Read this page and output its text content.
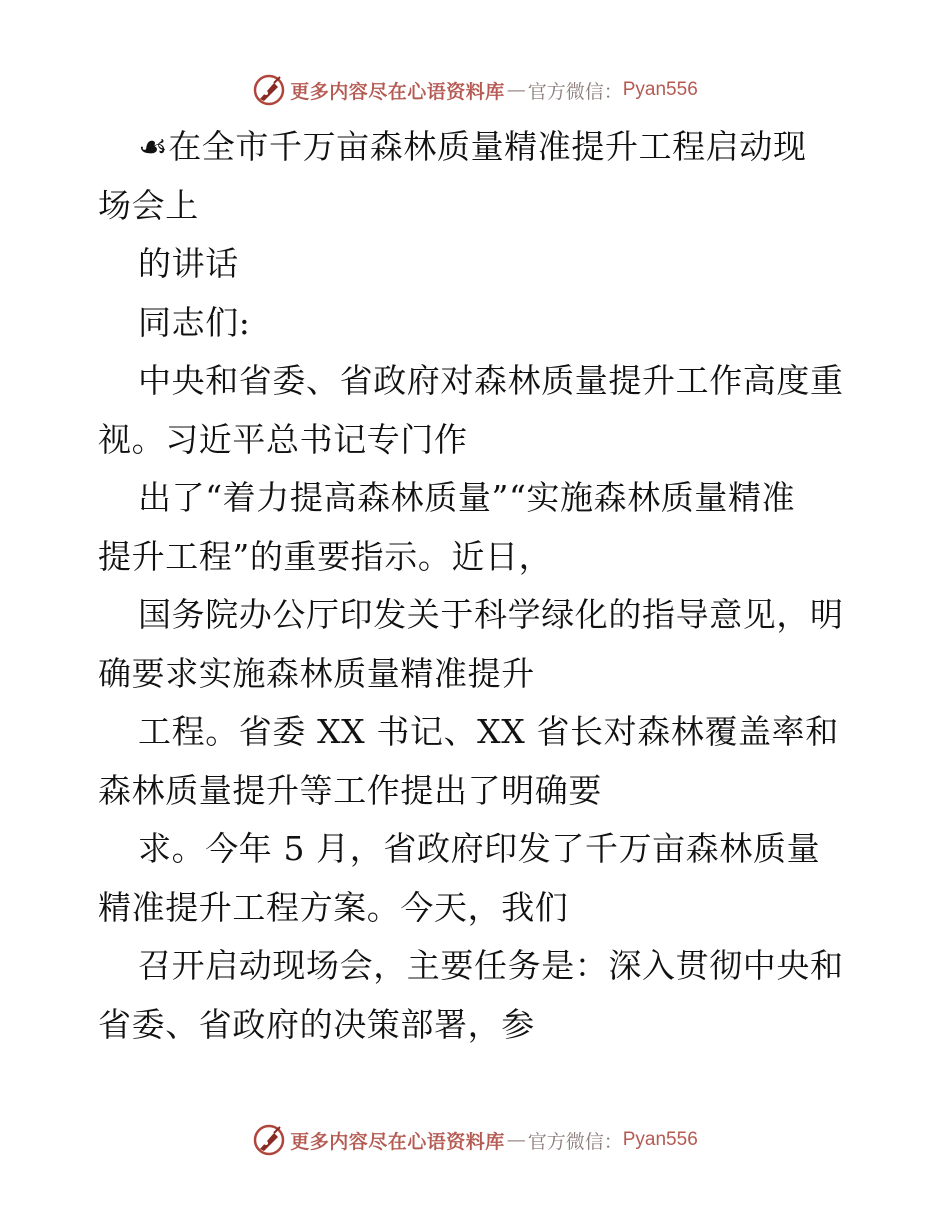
更多内容尽在心语资料库 — 官方微信： Pyan556
☙在全市千万亩森林质量精准提升工程启动现
场会上
的讲话
同志们:
中央和省委、省政府对森林质量提升工作高度重
视。习近平总书记专门作
出了“着力提高森林质量”“实施森林质量精准
提升工程”的重要指示。近日，
国务院办公厅印发关于科学绿化的指导意见，明
确要求实施森林质量精准提升
工程。省委 XX 书记、XX 省长对森林覆盖率和
森林质量提升等工作提出了明确要
求。今年 5 月，省政府印发了千万亩森林质量
精准提升工程方案。今天，我们
召开启动现场会，主要任务是：深入贯彻中央和
省委、省政府的决策部署，参
更多内容尽在心语资料库 — 官方微信： Pyan556
